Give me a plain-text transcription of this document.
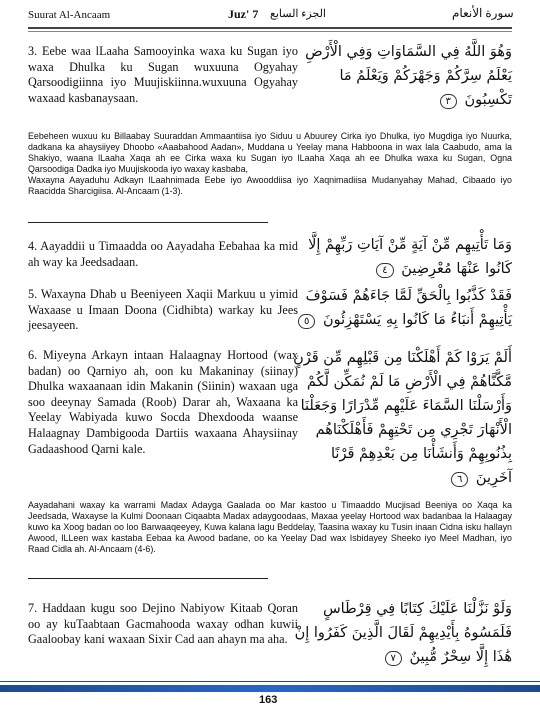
Suurat Al-Ancaam	Juz' 7 الجزء السابع	سورة الأنعام
3. Eebe waa lLaaha Samooyinka waxa ku Sugan iyo waxa Dhulka ku Sugan wuxuuna Ogyahay Qarsoodigiinna iyo Muujiskiinna.wuxuuna Ogyahay waxaad kasbanaysaan.
وَهُوَ اللَّهُ فِي السَّمَاوَاتِ وَفِي الْأَرْضِ يَعْلَمُ سِرَّكُمْ وَجَهْرَكُمْ وَيَعْلَمُ مَا تَكْسِبُونَ ٣

Eebeheen wuxuu ku Billaabay Suuraddan Ammaantiisa iyo Siduu u Abuurey Cirka iyo Dhulka, iyo Mugdiga iyo Nuurka, dadkana ka ahaysiiyey Dhoobo «Aaabahood Aadan», Muddana u Yeelay mana Habboona in wax lala Caabudo, ama la Shakiyo, waana lLaaha Xaqa ah ee Cirka waxa ku Sugan iyo lLaaha Xaqa ah ee Dhulka waxa ku Sugan, Ogna Qarsoodiga Dadka iyo Muujiskooda iyo waxay kasbaba,

Waxayna Aayaduhu Adkayn lLaahnimada Eebe iyo Awooddiisa iyo Xaqnimadiisa Mudanyahay Mahad, Cibaado iyo Raacidda Sharcigiisa. Al-Ancaam (1-3).

4. Aayaddii u Timaadda oo Aayadaha Eebahaa ka mid ah way ka Jeedsadaan.
وَمَا تَأْتِيهِم مِّنْ آيَةٍ مِّنْ آيَاتِ رَبِّهِمْ إِلَّا كَانُوا عَنْهَا مُعْرِضِينَ ٤
5. Waxayna Dhab u Beeniyeen Xaqii Markuu u yimid Waxaase u Imaan Doona (Cidhibta) warkay ku Jees jeesayeen.
فَقَدْ كَذَّبُوا بِالْحَقِّ لَمَّا جَاءَهُمْ فَسَوْفَ يَأْتِيهِمْ أَنبَاءُ مَا كَانُوا بِهِ يَسْتَهْزِئُونَ ٥
6. Miyeyna Arkayn intaan Halaagnay Hortood (wax badan) oo Qarniyo ah, oon ku Makaninay (siinay) Dhulka waxaanaan idin Makanin (Siinin) waxaan uga soo deeynay Samada (Roob) Darar ah, Waxaana ka Yeelay Wabiyada kuwo Socda Dhexdooda waanse Halaagnay Dambigooda Dartiis waxaana Ahaysiinay Gadaashood Qarni kale.
أَلَمْ يَرَوْا كَمْ أَهْلَكْنَا مِن قَبْلِهِم مِّن قَرْنٍ مَّكَّنَّاهُمْ فِي الْأَرْضِ مَا لَمْ نُمَكِّن لَّكُمْ وَأَرْسَلْنَا السَّمَاءَ عَلَيْهِم مِّدْرَارًا وَجَعَلْنَا الْأَنْهَارَ تَجْرِي مِن تَحْتِهِمْ فَأَهْلَكْنَاهُم بِذُنُوبِهِمْ وَأَنشَأْنَا مِن بَعْدِهِمْ قَرْنًا آخَرِينَ ٦

Aayadahani waxay ka warrami Madax Adayga Gaalada oo Mar kastoo u Timaaddo Mucjisad Beeniya oo Xaqa ka Jeedsada, Waxayse la Kulmi Doonaan Ciqaabta Madax adaygoodaas, Maxaa yeelay Hortood wax badanbaa la Halaagay kuwo ka Xoog badan oo loo Barwaaqeeyey, Kuwa kalana lagu Beddelay, Taasina waxay ku Tusin inaan Cidna isku hallayn Awood, ILLeen wax kastaba Eebaa ka Awood badane, oo ka Yeelay Dad wax Isbidayey Sheeko iyo Meel Madhan, iyo Raad Cidla ah. Al-Ancaam (4-6).

7. Haddaan kugu soo Dejino Nabiyow Kitaab Qoran oo ay kuTaabtaan Gacmahooda waxay odhan kuwii Gaaloobay kani waxaan Sixir Cad aan ahayn ma aha.
وَلَوْ نَزَّلْنَا عَلَيْكَ كِتَابًا فِي قِرْطَاسٍ فَلَمَسُوهُ بِأَيْدِيهِمْ لَقَالَ الَّذِينَ كَفَرُوا إِنْ هَٰذَا إِلَّا سِحْرٌ مُّبِينٌ ٧
163
